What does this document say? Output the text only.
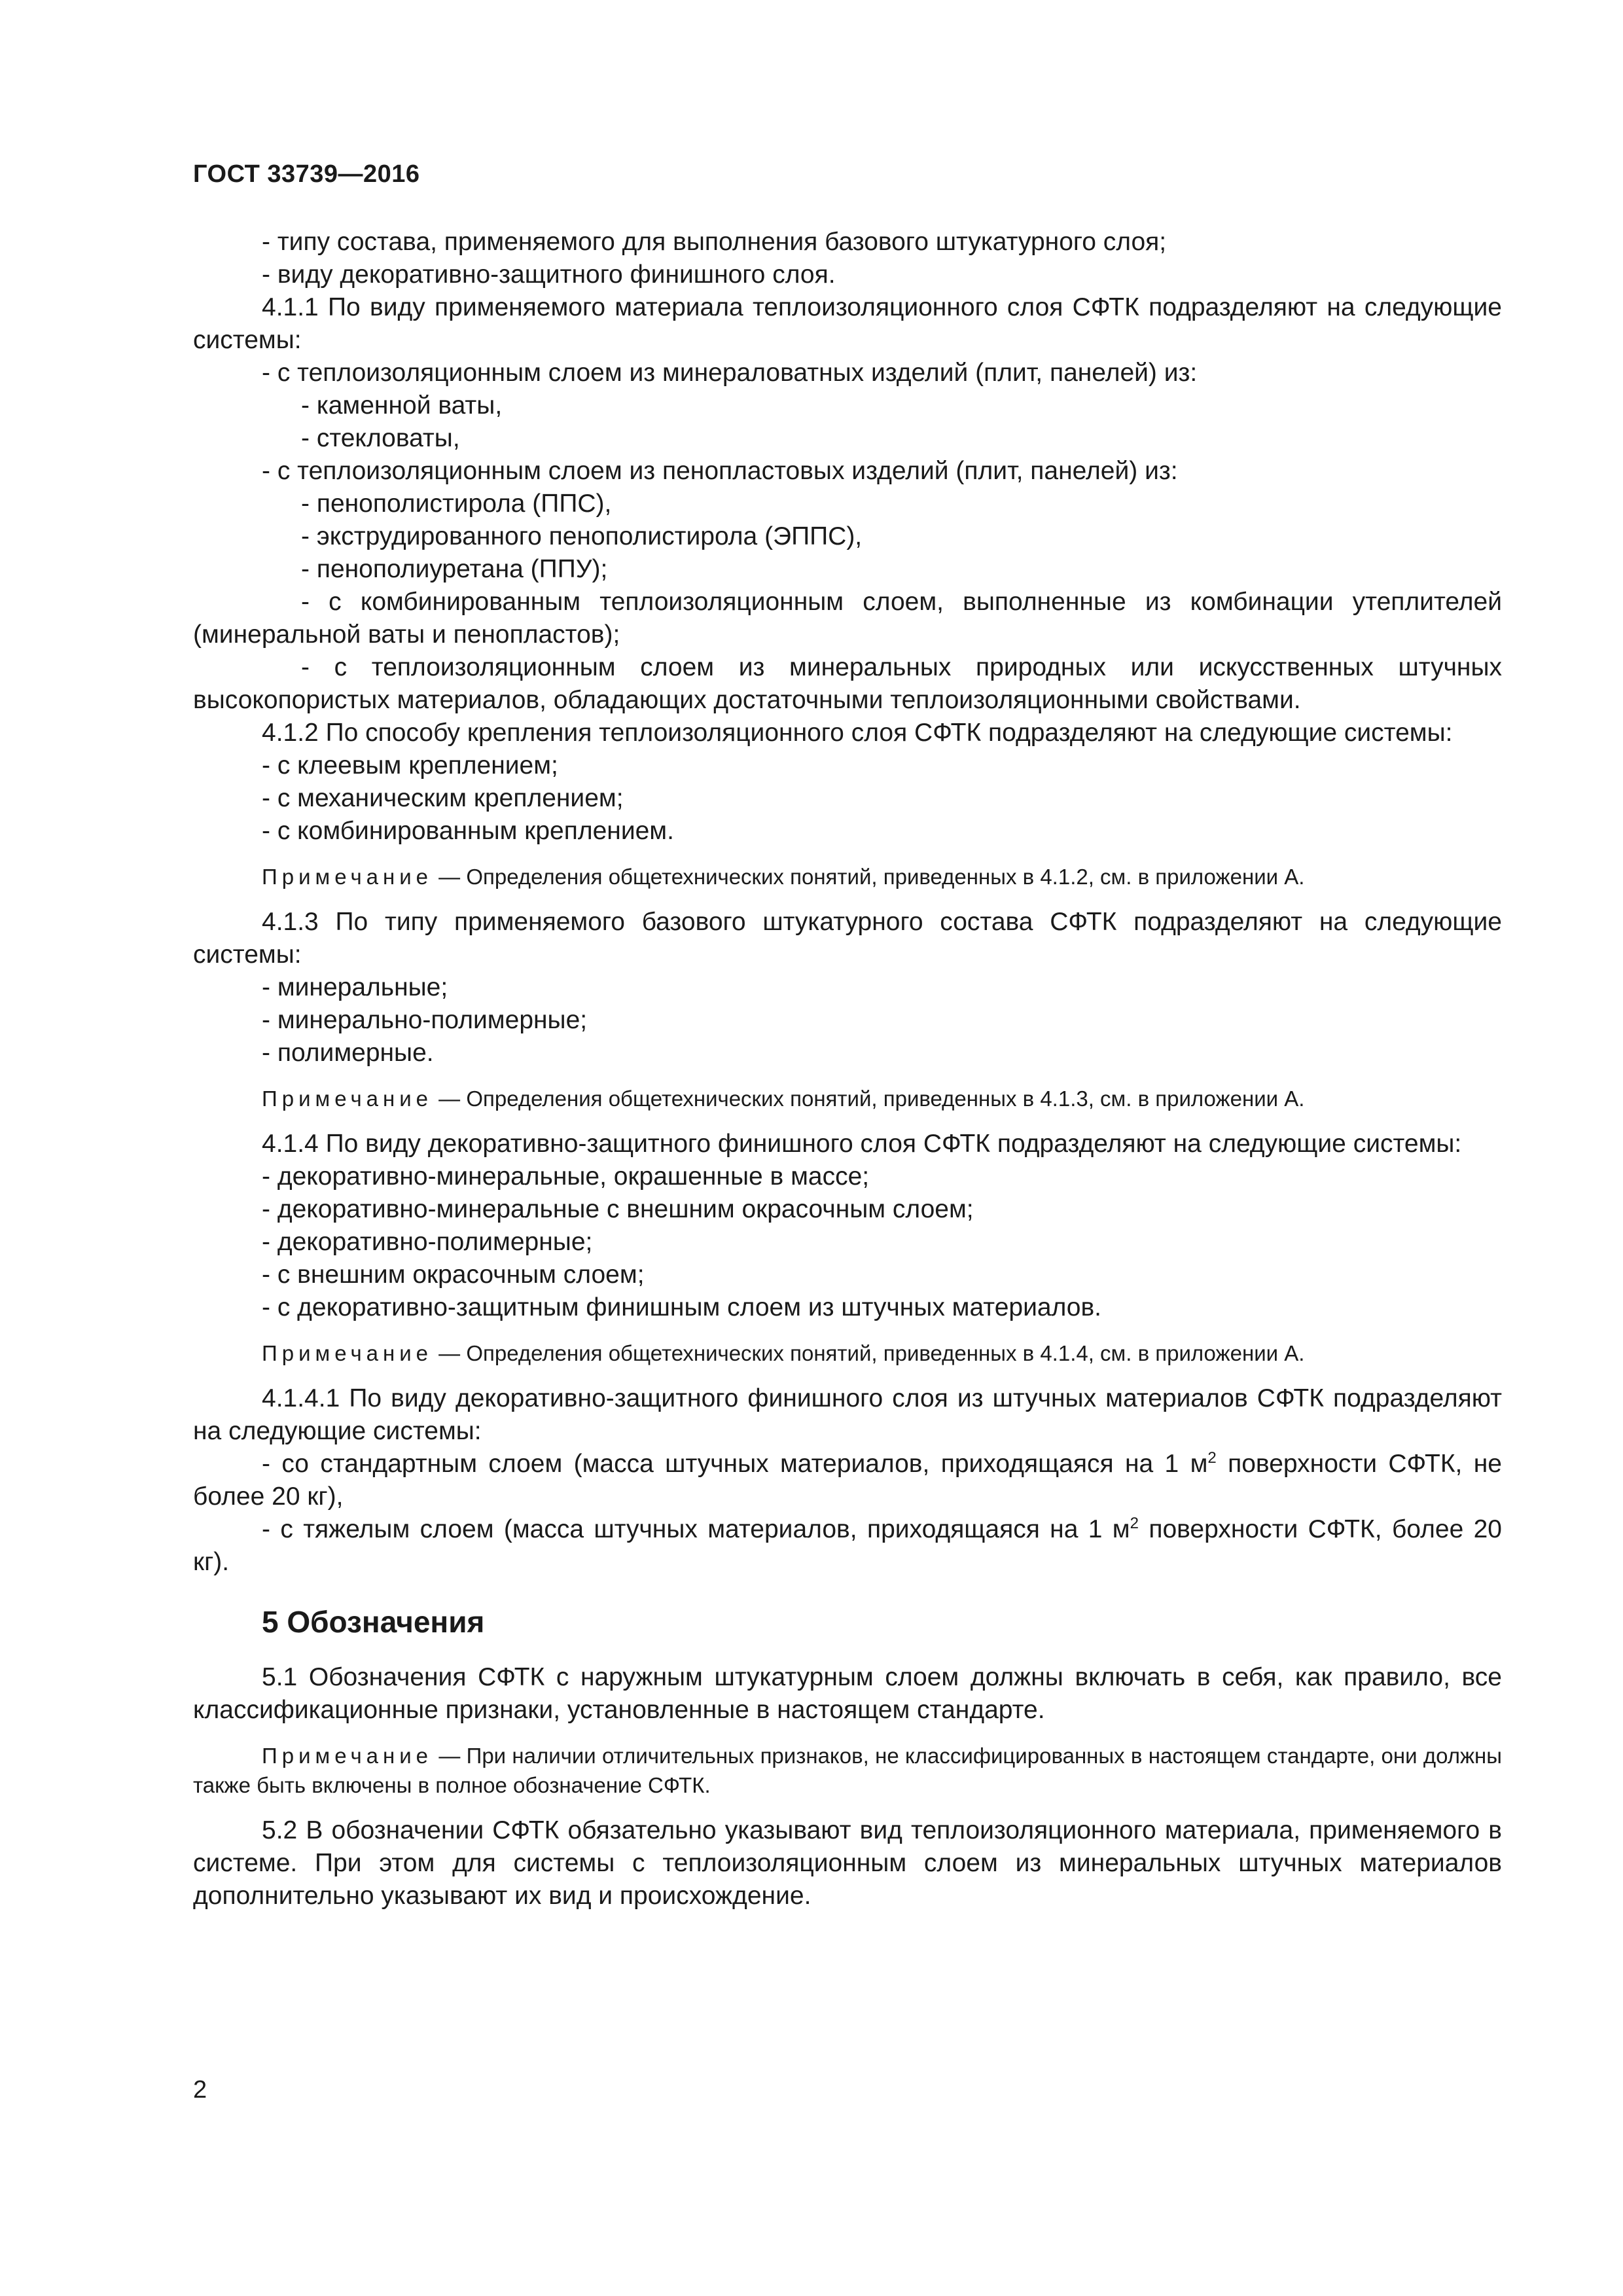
ГОСТ 33739—2016

- типу состава, применяемого для выполнения базового штукатурного слоя;

- виду декоративно-защитного финишного слоя.

4.1.1 По виду применяемого материала теплоизоляционного слоя СФТК подразделяют на следующие системы:

- с теплоизоляционным слоем из минераловатных изделий (плит, панелей) из:

- каменной ваты,

- стекловаты,

- с теплоизоляционным слоем из пенопластовых изделий (плит, панелей) из:

- пенополистирола (ППС),

- экструдированного пенополистирола (ЭППС),

- пенополиуретана (ППУ);

- с комбинированным теплоизоляционным слоем, выполненные из комбинации утеплителей (минеральной ваты и пенопластов);

- с теплоизоляционным слоем из минеральных природных или искусственных штучных высокопористых материалов, обладающих достаточными теплоизоляционными свойствами.

4.1.2 По способу крепления теплоизоляционного слоя СФТК подразделяют на следующие системы:

- с клеевым креплением;

- с механическим креплением;

- с комбинированным креплением.

Примечание — Определения общетехнических понятий, приведенных в 4.1.2, см. в приложении А.

4.1.3 По типу применяемого базового штукатурного состава СФТК подразделяют на следующие системы:

- минеральные;

- минерально-полимерные;

- полимерные.

Примечание — Определения общетехнических понятий, приведенных в 4.1.3, см. в приложении А.

4.1.4 По виду декоративно-защитного финишного слоя СФТК подразделяют на следующие системы:

- декоративно-минеральные, окрашенные в массе;

- декоративно-минеральные с внешним окрасочным слоем;

- декоративно-полимерные;

- с внешним окрасочным слоем;

- с декоративно-защитным финишным слоем из штучных материалов.

Примечание — Определения общетехнических понятий, приведенных в 4.1.4, см. в приложении А.

4.1.4.1 По виду декоративно-защитного финишного слоя из штучных материалов СФТК подразделяют на следующие системы:

- со стандартным слоем (масса штучных материалов, приходящаяся на 1 $м^2$ поверхности СФТК, не более 20 кг),

- с тяжелым слоем (масса штучных материалов, приходящаяся на 1 $м^2$ поверхности СФТК, более 20 кг).

5 Обозначения

5.1 Обозначения СФТК с наружным штукатурным слоем должны включать в себя, как правило, все классификационные признаки, установленные в настоящем стандарте.

Примечание — При наличии отличительных признаков, не классифицированных в настоящем стандарте, они должны также быть включены в полное обозначение СФТК.

5.2 В обозначении СФТК обязательно указывают вид теплоизоляционного материала, применяемого в системе. При этом для системы с теплоизоляционным слоем из минеральных штучных материалов дополнительно указывают их вид и происхождение.

2
